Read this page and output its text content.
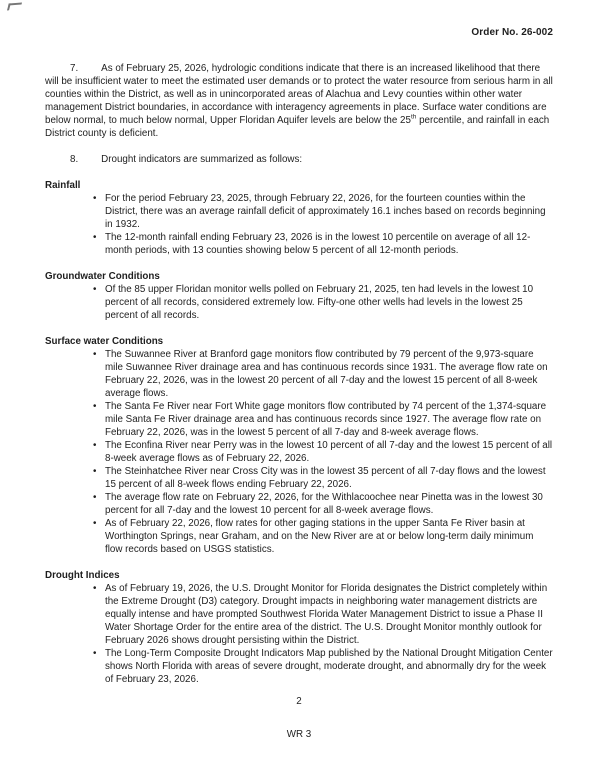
Order No. 26-002

7. As of February 25, 2026, hydrologic conditions indicate that there is an increased likelihood that there will be insufficient water to meet the estimated user demands or to protect the water resource from serious harm in all counties within the District, as well as in unincorporated areas of Alachua and Levy counties within other water management District boundaries, in accordance with interagency agreements in place. Surface water conditions are below normal, to much below normal, Upper Floridan Aquifer levels are below the 25th percentile, and rainfall in each District county is deficient.

8. Drought indicators are summarized as follows:

Rainfall
• For the period February 23, 2025, through February 22, 2026, for the fourteen counties within the District, there was an average rainfall deficit of approximately 16.1 inches based on records beginning in 1932.
• The 12-month rainfall ending February 23, 2026 is in the lowest 10 percentile on average of all 12-month periods, with 13 counties showing below 5 percent of all 12-month periods.
Groundwater Conditions
• Of the 85 upper Floridan monitor wells polled on February 21, 2025, ten had levels in the lowest 10 percent of all records, considered extremely low. Fifty-one other wells had levels in the lowest 25 percent of all records.
Surface water Conditions
• The Suwannee River at Branford gage monitors flow contributed by 79 percent of the 9,973-square mile Suwannee River drainage area and has continuous records since 1931. The average flow rate on February 22, 2026, was in the lowest 20 percent of all 7-day and the lowest 15 percent of all 8-week average flows.
• The Santa Fe River near Fort White gage monitors flow contributed by 74 percent of the 1,374-square mile Santa Fe River drainage area and has continuous records since 1927. The average flow rate on February 22, 2026, was in the lowest 5 percent of all 7-day and 8-week average flows.
• The Econfina River near Perry was in the lowest 10 percent of all 7-day and the lowest 15 percent of all 8-week average flows as of February 22, 2026.
• The Steinhatchee River near Cross City was in the lowest 35 percent of all 7-day flows and the lowest 15 percent of all 8-week flows ending February 22, 2026.
• The average flow rate on February 22, 2026, for the Withlacoochee near Pinetta was in the lowest 30 percent for all 7-day and the lowest 10 percent for all 8-week average flows.
• As of February 22, 2026, flow rates for other gaging stations in the upper Santa Fe River basin at Worthington Springs, near Graham, and on the New River are at or below long-term daily minimum flow records based on USGS statistics.
Drought Indices
• As of February 19, 2026, the U.S. Drought Monitor for Florida designates the District completely within the Extreme Drought (D3) category. Drought impacts in neighboring water management districts are equally intense and have prompted Southwest Florida Water Management District to issue a Phase II Water Shortage Order for the entire area of the district. The U.S. Drought Monitor monthly outlook for February 2026 shows drought persisting within the District.
• The Long-Term Composite Drought Indicators Map published by the National Drought Mitigation Center shows North Florida with areas of severe drought, moderate drought, and abnormally dry for the week of February 23, 2026.
2
WR 3
